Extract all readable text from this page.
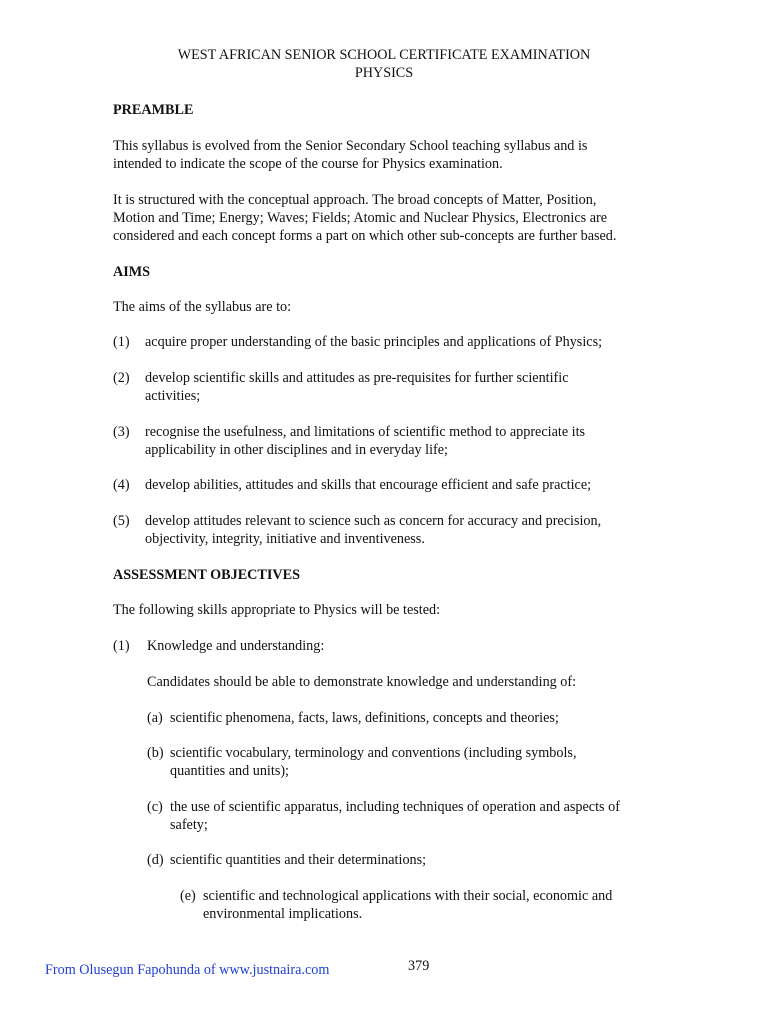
WEST AFRICAN SENIOR SCHOOL CERTIFICATE EXAMINATION
PHYSICS
PREAMBLE
This syllabus is evolved from the Senior Secondary School teaching syllabus and is
intended to indicate the scope of the course for Physics examination.
It is structured with the conceptual approach. The broad concepts of Matter, Position,
Motion and Time; Energy; Waves; Fields; Atomic and Nuclear Physics, Electronics are
considered and each concept forms a part on which other sub-concepts are further based.
AIMS
The aims of the syllabus are to:
(1) acquire proper understanding of the basic principles and applications of Physics;
(2) develop scientific skills and attitudes as pre-requisites for further scientific
activities;
(3) recognise the usefulness, and limitations of scientific method to appreciate its
applicability in other disciplines and in everyday life;
(4) develop abilities, attitudes and skills that encourage efficient and safe practice;
(5) develop attitudes relevant to science such as concern for accuracy and precision,
objectivity, integrity, initiative and inventiveness.
ASSESSMENT OBJECTIVES
The following skills appropriate to Physics will be tested:
(1) Knowledge and understanding:
Candidates should be able to demonstrate knowledge and understanding of:
(a) scientific phenomena, facts, laws, definitions, concepts and theories;
(b) scientific vocabulary, terminology and conventions (including symbols,
quantities and units);
(c) the use of scientific apparatus, including techniques of operation and aspects of
safety;
(d) scientific quantities and their determinations;
(e) scientific and technological applications with their social, economic and
environmental implications.
From Olusegun Fapohunda of www.justnaira.com	379
